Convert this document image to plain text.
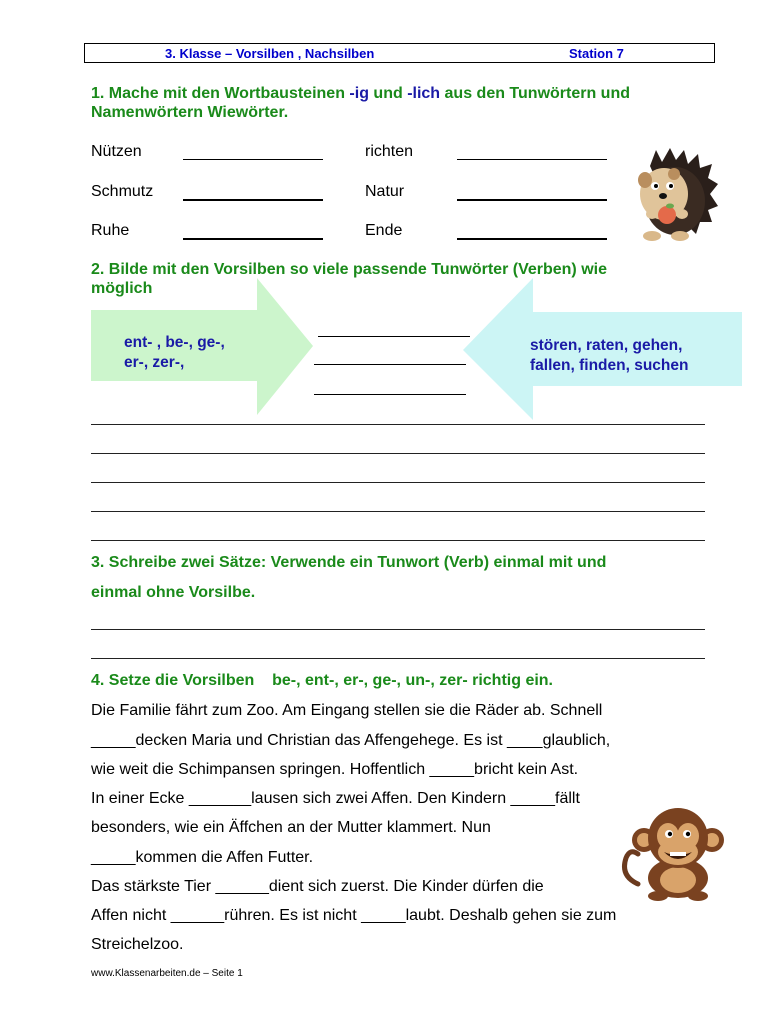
3. Klasse – Vorsilben , Nachsilben	Station 7
1. Mache mit den Wortbausteinen -ig und -lich aus den Tunwörtern und
Namenwörtern Wiewörter.
Nützen	richten
Schmutz	Natur
Ruhe	Ende
2. Bilde mit den Vorsilben so viele passende Tunwörter (Verben) wie
möglich
ent- , be-, ge-,
er-, zer-,
stören, raten, gehen,
fallen, finden, suchen
3. Schreibe zwei Sätze: Verwende ein Tunwort (Verb) einmal mit und
einmal ohne Vorsilbe.
4. Setze die Vorsilben    be-, ent-, er-, ge-, un-, zer- richtig ein.
Die Familie fährt zum Zoo. Am Eingang stellen sie die Räder ab. Schnell
_____decken Maria und Christian das Affengehege. Es ist ____glaublich,
wie weit die Schimpansen springen. Hoffentlich _____bricht kein Ast.
In einer Ecke _______lausen sich zwei Affen. Den Kindern _____fällt
besonders, wie ein Äffchen an der Mutter klammert. Nun
_____kommen die Affen Futter.
Das stärkste Tier ______dient sich zuerst. Die Kinder dürfen die
Affen nicht ______rühren. Es ist nicht _____laubt. Deshalb gehen sie zum
Streichelzoo.
www.Klassenarbeiten.de – Seite 1
